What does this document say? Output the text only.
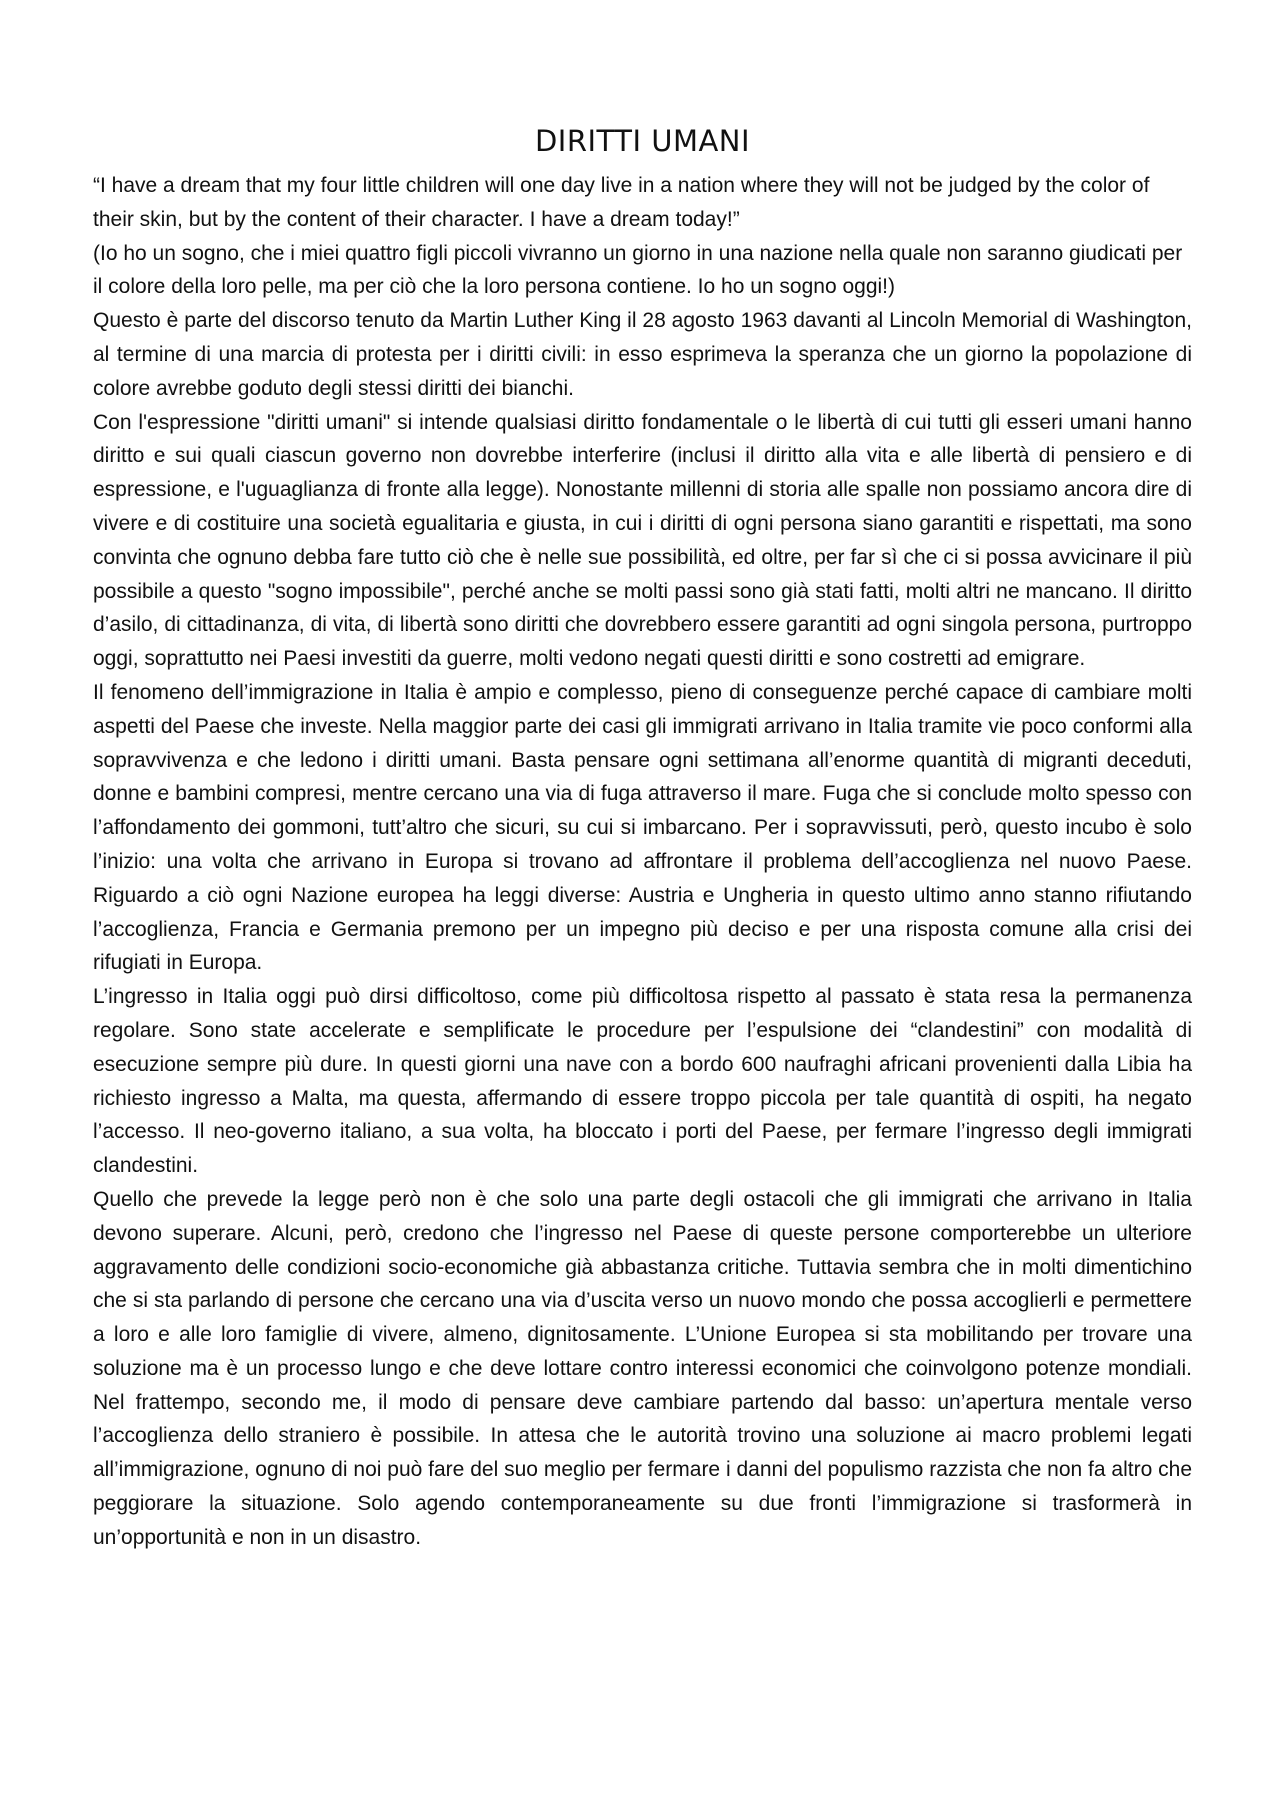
DIRITTI UMANI

“I have a dream that my four little children will one day live in a nation where they will not be judged by the color of their skin, but by the content of their character. I have a dream today!”

(Io ho un sogno, che i miei quattro figli piccoli vivranno un giorno in una nazione nella quale non saranno giudicati per il colore della loro pelle, ma per ciò che la loro persona contiene. Io ho un sogno oggi!)

Questo è parte del discorso tenuto da Martin Luther King il 28 agosto 1963 davanti al Lincoln Memorial di Washington, al termine di una marcia di protesta per i diritti civili: in esso esprimeva la speranza che un giorno la popolazione di colore avrebbe goduto degli stessi diritti dei bianchi.

Con l'espressione "diritti umani" si intende qualsiasi diritto fondamentale o le libertà di cui tutti gli esseri umani hanno diritto e sui quali ciascun governo non dovrebbe interferire (inclusi il diritto alla vita e alle libertà di pensiero e di espressione, e l'uguaglianza di fronte alla legge). Nonostante millenni di storia alle spalle non possiamo ancora dire di vivere e di costituire una società egualitaria e giusta, in cui i diritti di ogni persona siano garantiti e rispettati, ma sono convinta che ognuno debba fare tutto ciò che è nelle sue possibilità, ed oltre, per far sì che ci si possa avvicinare il più possibile a questo "sogno impossibile", perché anche se molti passi sono già stati fatti, molti altri ne mancano. Il diritto d’asilo, di cittadinanza, di vita, di libertà sono diritti che dovrebbero essere garantiti ad ogni singola persona, purtroppo oggi, soprattutto nei Paesi investiti da guerre, molti vedono negati questi diritti e sono costretti ad emigrare.

Il fenomeno dell’immigrazione in Italia è ampio e complesso, pieno di conseguenze perché capace di cambiare molti aspetti del Paese che investe. Nella maggior parte dei casi gli immigrati arrivano in Italia tramite vie poco conformi alla sopravvivenza e che ledono i diritti umani. Basta pensare ogni settimana all’enorme quantità di migranti deceduti, donne e bambini compresi, mentre cercano una via di fuga attraverso il mare. Fuga che si conclude molto spesso con l’affondamento dei gommoni, tutt’altro che sicuri, su cui si imbarcano. Per i sopravvissuti, però, questo incubo è solo l’inizio: una volta che arrivano in Europa si trovano ad affrontare il problema dell’accoglienza nel nuovo Paese. Riguardo a ciò ogni Nazione europea ha leggi diverse: Austria e Ungheria in questo ultimo anno stanno rifiutando l’accoglienza, Francia e Germania premono per un impegno più deciso e per una risposta comune alla crisi dei rifugiati in Europa.

L’ingresso in Italia oggi può dirsi difficoltoso, come più difficoltosa rispetto al passato è stata resa la permanenza regolare. Sono state accelerate e semplificate le procedure per l’espulsione dei “clandestini” con modalità di esecuzione sempre più dure. In questi giorni una nave con a bordo 600 naufraghi africani provenienti dalla Libia ha richiesto ingresso a Malta, ma questa, affermando di essere troppo piccola per tale quantità di ospiti, ha negato l’accesso. Il neo-governo italiano, a sua volta, ha bloccato i porti del Paese, per fermare l’ingresso degli immigrati clandestini.

Quello che prevede la legge però non è che solo una parte degli ostacoli che gli immigrati che arrivano in Italia devono superare. Alcuni, però, credono che l’ingresso nel Paese di queste persone comporterebbe un ulteriore aggravamento delle condizioni socio-economiche già abbastanza critiche. Tuttavia sembra che in molti dimentichino che si sta parlando di persone che cercano una via d’uscita verso un nuovo mondo che possa accoglierli e permettere a loro e alle loro famiglie di vivere, almeno, dignitosamente. L’Unione Europea si sta mobilitando per trovare una soluzione ma è un processo lungo e che deve lottare contro interessi economici che coinvolgono potenze mondiali. Nel frattempo, secondo me, il modo di pensare deve cambiare partendo dal basso: un’apertura mentale verso l’accoglienza dello straniero è possibile. In attesa che le autorità trovino una soluzione ai macro problemi legati all’immigrazione, ognuno di noi può fare del suo meglio per fermare i danni del populismo razzista che non fa altro che peggiorare la situazione. Solo agendo contemporaneamente su due fronti l’immigrazione si trasformerà in un’opportunità e non in un disastro.
